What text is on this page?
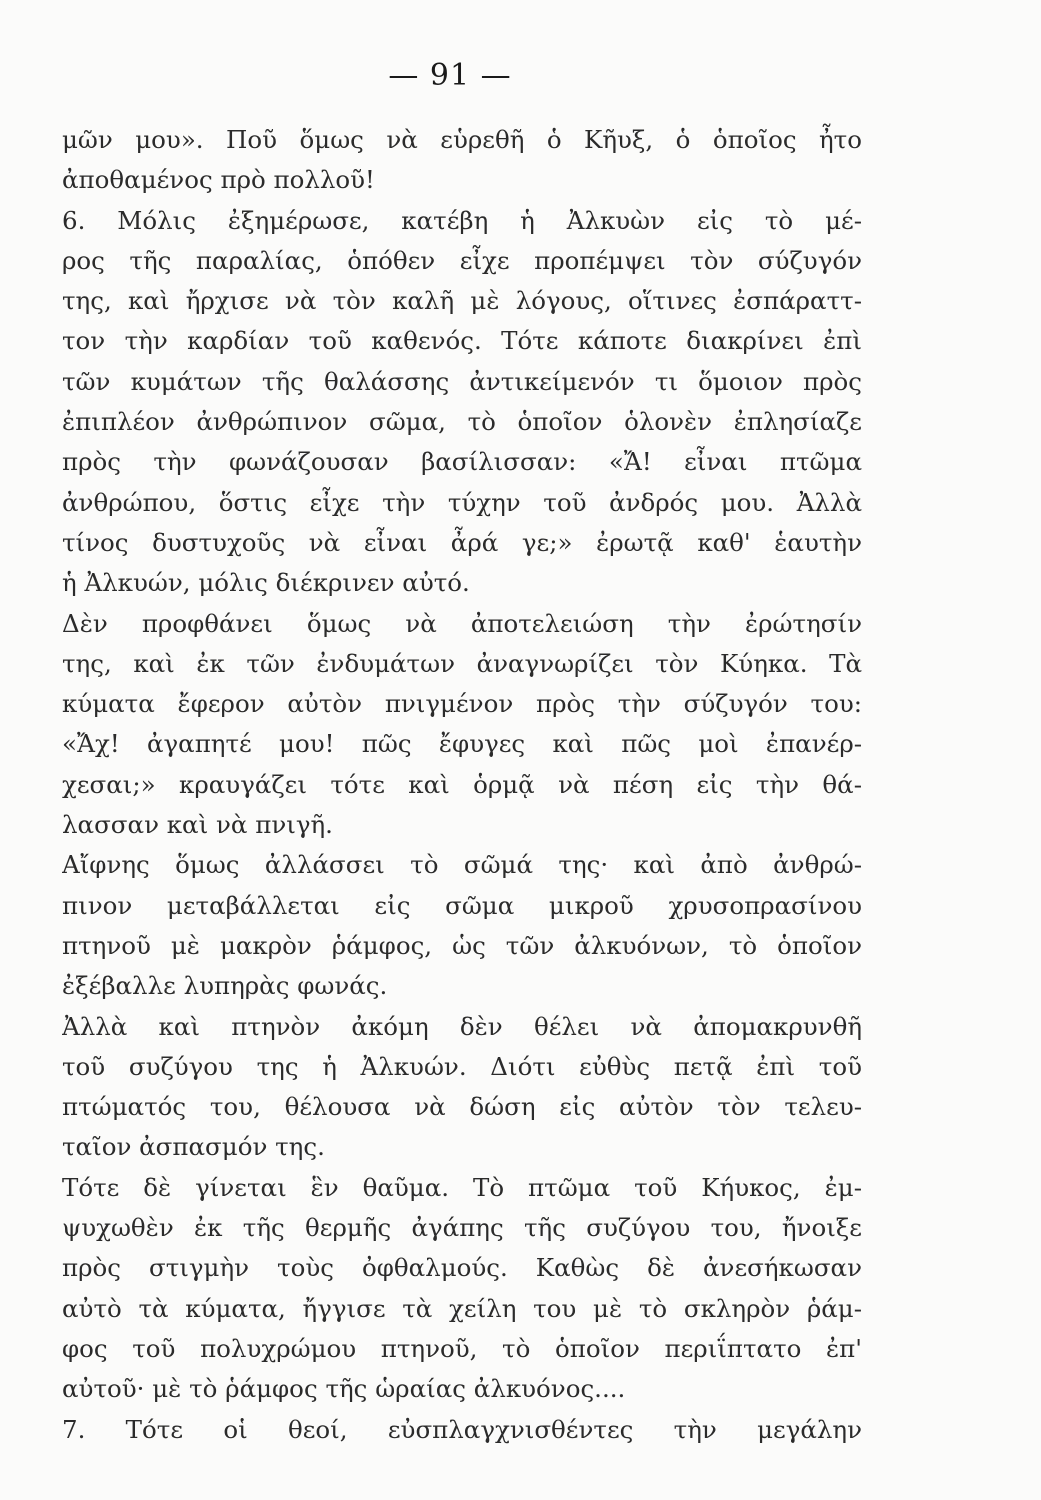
— 91 —
μῶν μου». Ποῦ ὅμως νὰ εὑρεθῆ ὁ Κῆυξ, ὁ ὁποῖος ἦτο
ἀποθαμένος πρὸ πολλοῦ!
6. Μόλις ἐξημέρωσε, κατέβη ἡ Ἀλκυὼν εἰς τὸ μέ-
ρος τῆς παραλίας, ὁπόθεν εἶχε προπέμψει τὸν σύζυγόν
της, καὶ ἤρχισε νὰ τὸν καλῆ μὲ λόγους, οἵτινες ἐσπάραττ-
τον τὴν καρδίαν τοῦ καθενός. Τότε κάποτε διακρίνει ἐπὶ
τῶν κυμάτων τῆς θαλάσσης ἀντικείμενόν τι ὅμοιον πρὸς
ἐπιπλέον ἀνθρώπινον σῶμα, τὸ ὁποῖον ὁλονὲν ἐπλησίαζε
πρὸς τὴν φωνάζουσαν βασίλισσαν: «Ἄ! εἶναι πτῶμα
ἀνθρώπου, ὅστις εἶχε τὴν τύχην τοῦ ἀνδρός μου. Ἀλλὰ
τίνος δυστυχοῦς νὰ εἶναι ἆρά γε;» ἐρωτᾷ καθ' ἑαυτὴν
ἡ Ἀλκυών, μόλις διέκρινεν αὐτό.
Δὲν προφθάνει ὅμως νὰ ἀποτελειώση τὴν ἐρώτησίν
της, καὶ ἐκ τῶν ἐνδυμάτων ἀναγνωρίζει τὸν Κύηκα. Τὰ
κύματα ἔφερον αὐτὸν πνιγμένον πρὸς τὴν σύζυγόν του:
«Ἄχ! ἀγαπητέ μου! πῶς ἔφυγες καὶ πῶς μοὶ ἐπανέρ-
χεσαι;» κραυγάζει τότε καὶ ὁρμᾷ νὰ πέση εἰς τὴν θά-
λασσαν καὶ νὰ πνιγῆ.
Αἴφνης ὅμως ἀλλάσσει τὸ σῶμά της· καὶ ἀπὸ ἀνθρώ-
πινον μεταβάλλεται εἰς σῶμα μικροῦ χρυσοπρασίνου
πτηνοῦ μὲ μακρὸν ῥάμφος, ὡς τῶν ἀλκυόνων, τὸ ὁποῖον
ἐξέβαλλε λυπηρὰς φωνάς.
Ἀλλὰ καὶ πτηνὸν ἀκόμη δὲν θέλει νὰ ἀπομακρυνθῆ
τοῦ συζύγου της ἡ Ἀλκυών. Διότι εὐθὺς πετᾷ ἐπὶ τοῦ
πτώματός του, θέλουσα νὰ δώση εἰς αὐτὸν τὸν τελευ-
ταῖον ἀσπασμόν της.
Τότε δὲ γίνεται ἓν θαῦμα. Τὸ πτῶμα τοῦ Κήυκος, ἐμ-
ψυχωθὲν ἐκ τῆς θερμῆς ἀγάπης τῆς συζύγου του, ἤνοιξε
πρὸς στιγμὴν τοὺς ὀφθαλμούς. Καθὼς δὲ ἀνεσήκωσαν
αὐτὸ τὰ κύματα, ἤγγισε τὰ χείλη του μὲ τὸ σκληρὸν ῥάμ-
φος τοῦ πολυχρώμου πτηνοῦ, τὸ ὁποῖον περιΐπτατο ἐπ'
αὐτοῦ· μὲ τὸ ῥάμφος τῆς ὡραίας ἀλκυόνος....
7. Τότε οἱ θεοί, εὐσπλαγχνισθέντες τὴν μεγάλην
